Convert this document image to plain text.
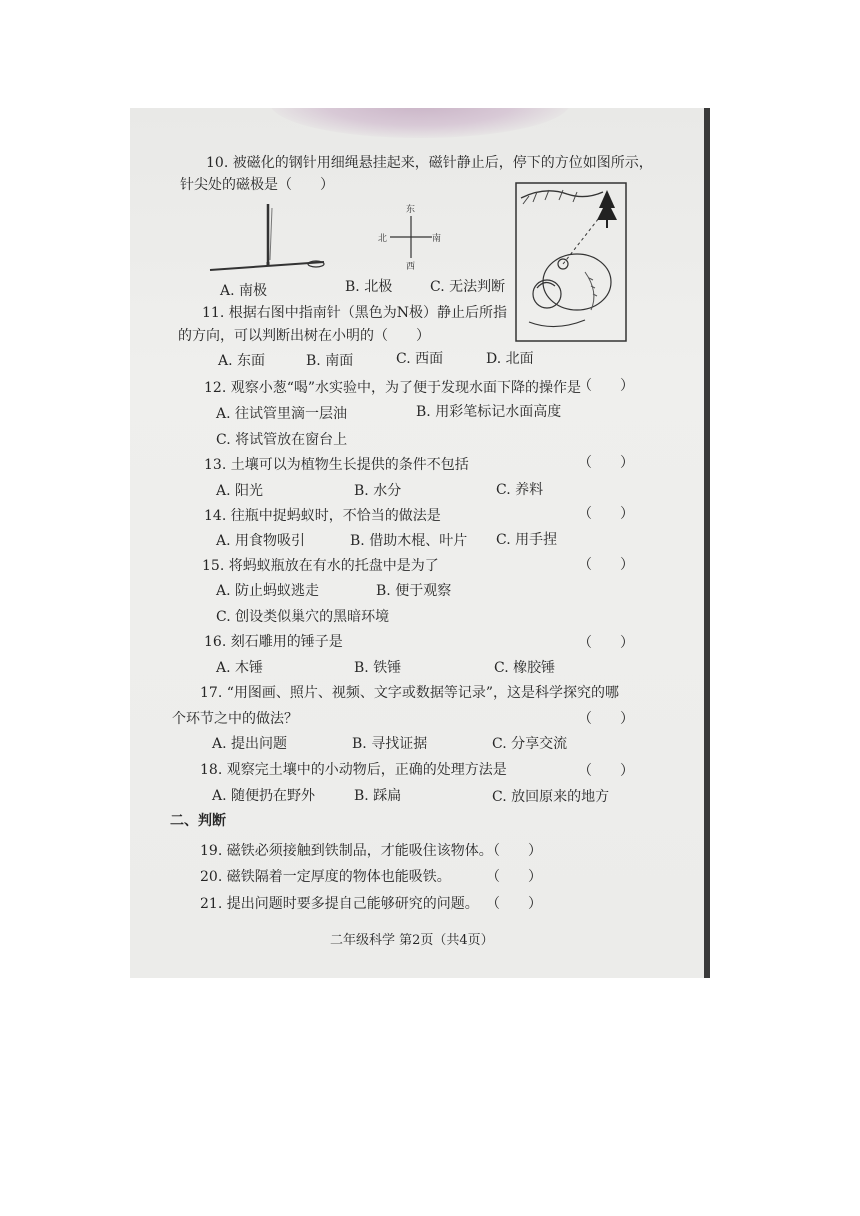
10. 被磁化的钢针用细绳悬挂起来，磁针静止后，停下的方位如图所示，
针尖处的磁极是（　　）
东
西
南
北
A. 南极	B. 北极	C. 无法判断
11. 根据右图中指南针（黑色为N极）静止后所指
的方向，可以判断出树在小明的（　　）
A. 东面	B. 南面	C. 西面	D. 北面
12. 观察小葱“喝”水实验中，为了便于发现水面下降的操作是
（　　）
A. 往试管里滴一层油	B. 用彩笔标记水面高度
C. 将试管放在窗台上
13. 土壤可以为植物生长提供的条件不包括	（　　）
A. 阳光	B. 水分	C. 养料
14. 往瓶中捉蚂蚁时，不恰当的做法是	（　　）
A. 用食物吸引	B. 借助木棍、叶片 C. 用手捏
15. 将蚂蚁瓶放在有水的托盘中是为了	（　　）
A. 防止蚂蚁逃走	B. 便于观察
C. 创设类似巢穴的黑暗环境
16. 刻石雕用的锤子是	（　　）
A. 木锤	B. 铁锤	C. 橡胶锤
17. “用图画、照片、视频、文字或数据等记录”，这是科学探究的哪
个环节之中的做法？	（　　）
A. 提出问题	B. 寻找证据	C. 分享交流
18. 观察完土壤中的小动物后，正确的处理方法是	（　　）
A. 随便扔在野外	B. 踩扁	C. 放回原来的地方
二、判断
19. 磁铁必须接触到铁制品，才能吸住该物体。
（　　）
20. 磁铁隔着一定厚度的物体也能吸铁。	（　　）
21. 提出问题时要多提自己能够研究的问题。 （　　）
二年级科学 第2页（共4页）
